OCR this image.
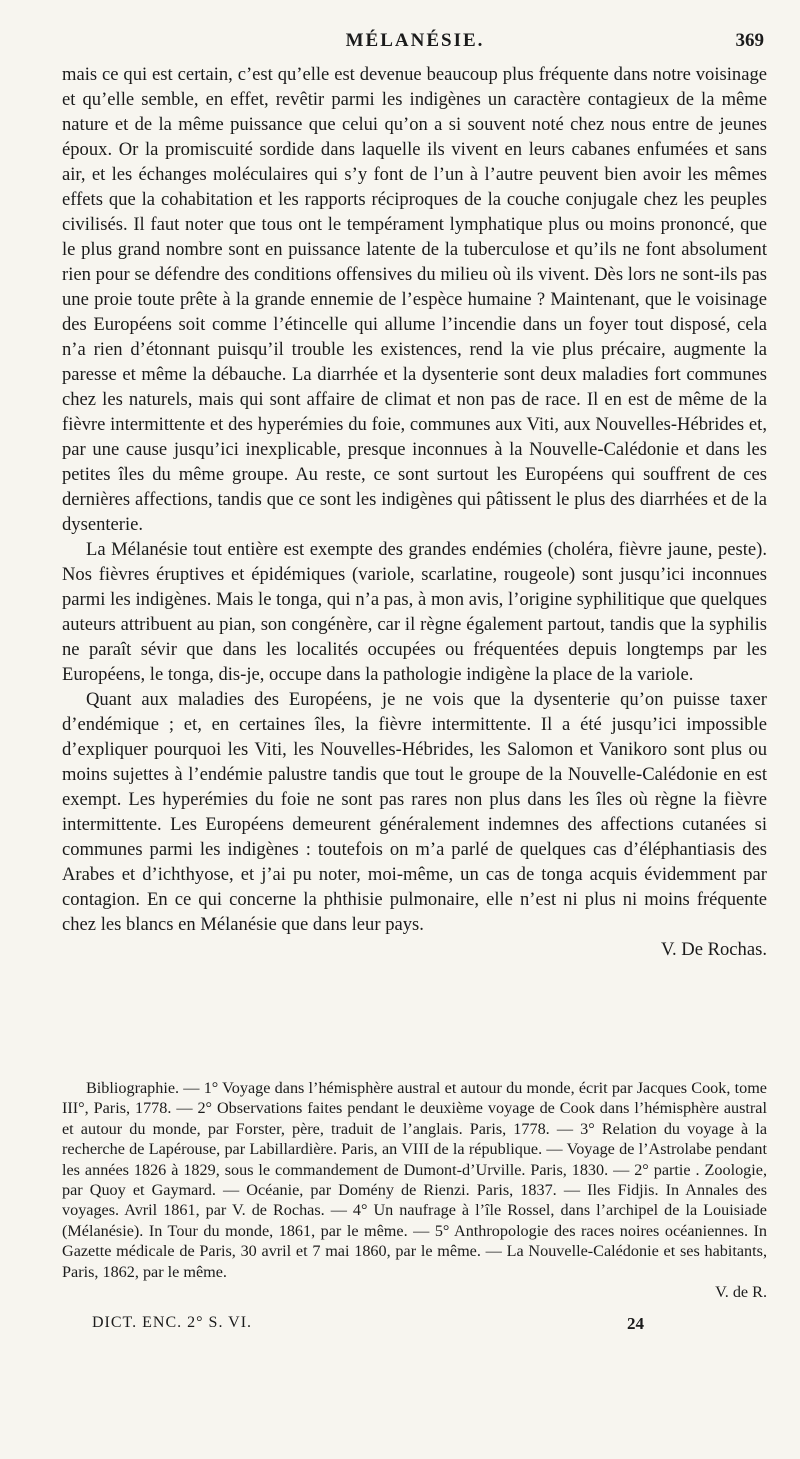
MÉLANÉSIE.	369

mais ce qui est certain, c’est qu’elle est devenue beaucoup plus fréquente dans notre voisinage et qu’elle semble, en effet, revêtir parmi les indigènes un caractère contagieux de la même nature et de la même puissance que celui qu’on a si souvent noté chez nous entre de jeunes époux. Or la promiscuité sordide dans laquelle ils vivent en leurs cabanes enfumées et sans air, et les échanges moléculaires qui s’y font de l’un à l’autre peuvent bien avoir les mêmes effets que la cohabitation et les rapports réciproques de la couche conjugale chez les peuples civilisés. Il faut noter que tous ont le tempérament lymphatique plus ou moins prononcé, que le plus grand nombre sont en puissance latente de la tuberculose et qu’ils ne font absolument rien pour se défendre des conditions offensives du milieu où ils vivent. Dès lors ne sont-ils pas une proie toute prête à la grande ennemie de l’espèce humaine ? Maintenant, que le voisinage des Européens soit comme l’étincelle qui allume l’incendie dans un foyer tout disposé, cela n’a rien d’étonnant puisqu’il trouble les existences, rend la vie plus précaire, augmente la paresse et même la débauche. La diarrhée et la dysenterie sont deux maladies fort communes chez les naturels, mais qui sont affaire de climat et non pas de race. Il en est de même de la fièvre intermittente et des hyperémies du foie, communes aux Viti, aux Nouvelles-Hébrides et, par une cause jusqu’ici inexplicable, presque inconnues à la Nouvelle-Calédonie et dans les petites îles du même groupe. Au reste, ce sont surtout les Européens qui souffrent de ces dernières affections, tandis que ce sont les indigènes qui pâtissent le plus des diarrhées et de la dysenterie.

La Mélanésie tout entière est exempte des grandes endémies (choléra, fièvre jaune, peste). Nos fièvres éruptives et épidémiques (variole, scarlatine, rougeole) sont jusqu’ici inconnues parmi les indigènes. Mais le tonga, qui n’a pas, à mon avis, l’origine syphilitique que quelques auteurs attribuent au pian, son congénère, car il règne également partout, tandis que la syphilis ne paraît sévir que dans les localités occupées ou fréquentées depuis longtemps par les Européens, le tonga, dis-je, occupe dans la pathologie indigène la place de la variole.

Quant aux maladies des Européens, je ne vois que la dysenterie qu’on puisse taxer d’endémique ; et, en certaines îles, la fièvre intermittente. Il a été jusqu’ici impossible d’expliquer pourquoi les Viti, les Nouvelles-Hébrides, les Salomon et Vanikoro sont plus ou moins sujettes à l’endémie palustre tandis que tout le groupe de la Nouvelle-Calédonie en est exempt. Les hyperémies du foie ne sont pas rares non plus dans les îles où règne la fièvre intermittente. Les Européens demeurent généralement indemnes des affections cutanées si communes parmi les indigènes : toutefois on m’a parlé de quelques cas d’éléphantiasis des Arabes et d’ichthyose, et j’ai pu noter, moi-même, un cas de tonga acquis évidemment par contagion. En ce qui concerne la phthisie pulmonaire, elle n’est ni plus ni moins fréquente chez les blancs en Mélanésie que dans leur pays.

V. De Rochas.

Bibliographie. — 1° Voyage dans l’hémisphère austral et autour du monde, écrit par Jacques Cook, tome III°, Paris, 1778. — 2° Observations faites pendant le deuxième voyage de Cook dans l’hémisphère austral et autour du monde, par Forster, père, traduit de l’anglais. Paris, 1778. — 3° Relation du voyage à la recherche de Lapérouse, par Labillardière. Paris, an VIII de la république. — Voyage de l’Astrolabe pendant les années 1826 à 1829, sous le commandement de Dumont-d’Urville. Paris, 1830. — 2° partie . Zoologie, par Quoy et Gaymard. — Océanie, par Domény de Rienzi. Paris, 1837. — Iles Fidjis. In Annales des voyages. Avril 1861, par V. de Rochas. — 4° Un naufrage à l’île Rossel, dans l’archipel de la Louisiade (Mélanésie). In Tour du monde, 1861, par le même. — 5° Anthropologie des races noires océaniennes. In Gazette médicale de Paris, 30 avril et 7 mai 1860, par le même. — La Nouvelle-Calédonie et ses habitants, Paris, 1862, par le même.

V. de R.
DICT. ENC. 2° S. VI.	24
